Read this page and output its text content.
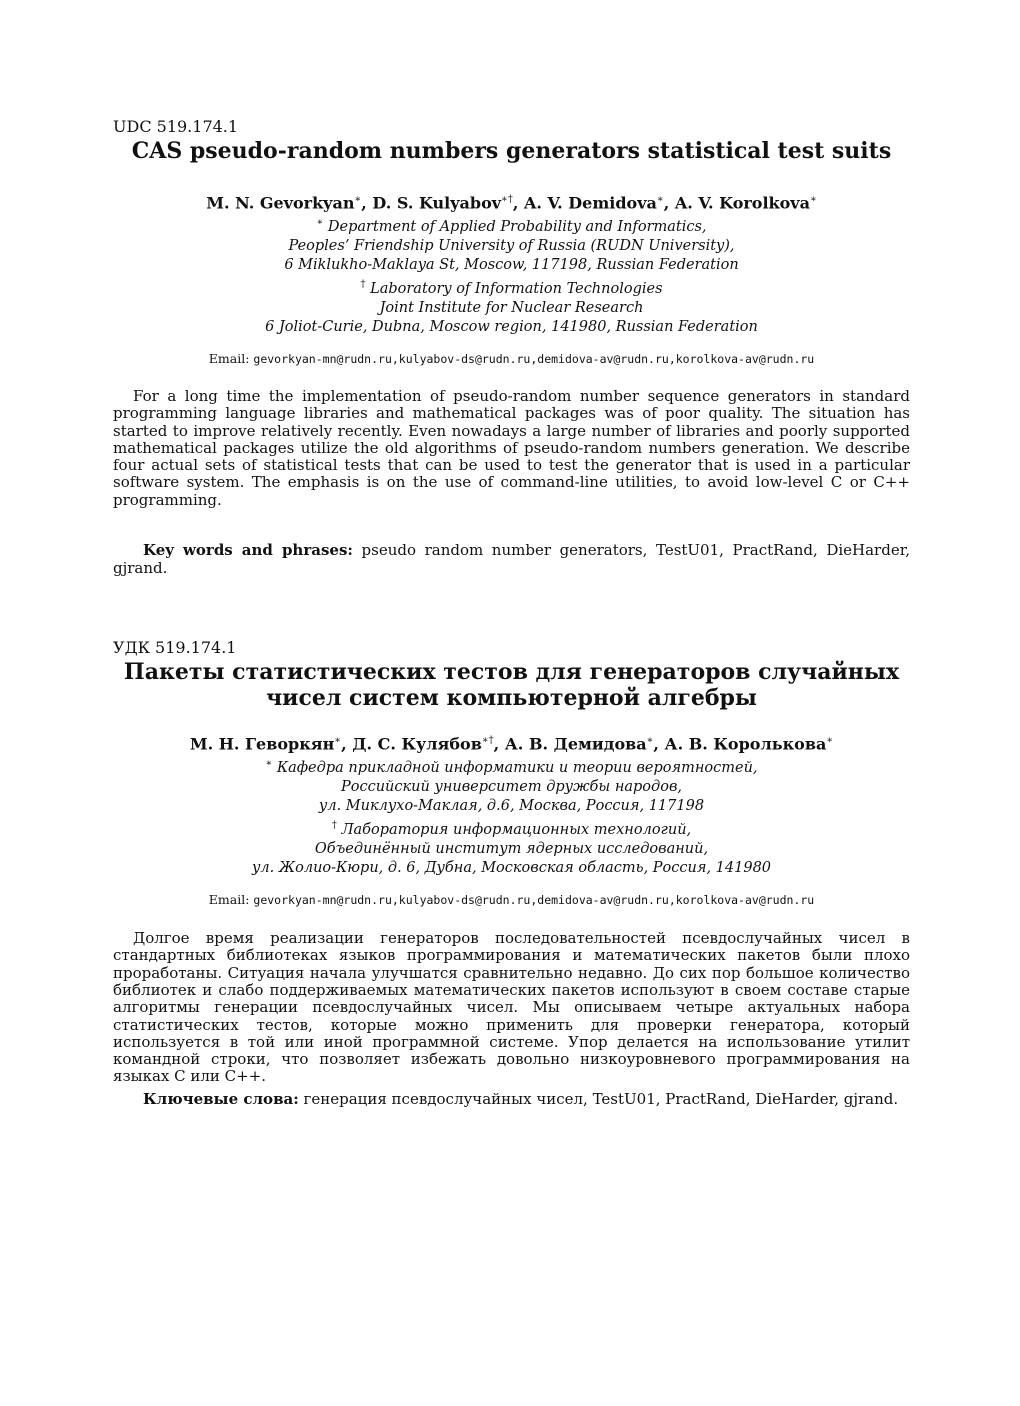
UDC 519.174.1

CAS pseudo-random numbers generators statistical test suits

M. N. Gevorkyan∗, D. S. Kulyabov∗†, A. V. Demidova∗, A. V. Korolkova∗

∗ Department of Applied Probability and Informatics,

Peoples’ Friendship University of Russia (RUDN University),

6 Miklukho-Maklaya St, Moscow, 117198, Russian Federation

† Laboratory of Information Technologies

Joint Institute for Nuclear Research

6 Joliot-Curie, Dubna, Moscow region, 141980, Russian Federation

Email: gevorkyan-mn@rudn.ru,kulyabov-ds@rudn.ru,demidova-av@rudn.ru,korolkova-av@rudn.ru

For a long time the implementation of pseudo-random number sequence generators in standard programming language libraries and mathematical packages was of poor quality. The situation has started to improve relatively recently. Even nowadays a large number of libraries and poorly supported mathematical packages utilize the old algorithms of pseudo-random numbers generation. We describe four actual sets of statistical tests that can be used to test the generator that is used in a particular software system. The emphasis is on the use of command-line utilities, to avoid low-level C or C++ programming.

Key words and phrases: pseudo random number generators, TestU01, PractRand, DieHarder, gjrand.

УДК 519.174.1

Пакеты статистических тестов для генераторов случайных
чисел систем компьютерной алгебры

М. Н. Геворкян∗, Д. С. Кулябов∗†, А. В. Демидова∗, А. В. Королькова∗

∗ Кафедра прикладной информатики и теории вероятностей,

Российский университет дружбы народов,

ул. Миклухо-Маклая, д.6, Москва, Россия, 117198

† Лаборатория информационных технологий,

Объединённый институт ядерных исследований,

ул. Жолио-Кюри, д. 6, Дубна, Московская область, Россия, 141980

Email: gevorkyan-mn@rudn.ru,kulyabov-ds@rudn.ru,demidova-av@rudn.ru,korolkova-av@rudn.ru

Долгое время реализации генераторов последовательностей псевдослучайных чисел в стандартных библиотеках языков программирования и математических пакетов были плохо проработаны. Ситуация начала улучшатся сравнительно недавно. До сих пор большое количество библиотек и слабо поддерживаемых математических пакетов используют в своем составе старые алгоритмы генерации псевдослучайных чисел. Мы описываем четыре актуальных набора статистических тестов, которые можно применить для проверки генератора, который используется в той или иной программной системе. Упор делается на использование утилит командной строки, что позволяет избежать довольно низкоуровневого программирования на языках C или C++.

Ключевые слова: генерация псевдослучайных чисел, TestU01, PractRand, DieHarder, gjrand.
